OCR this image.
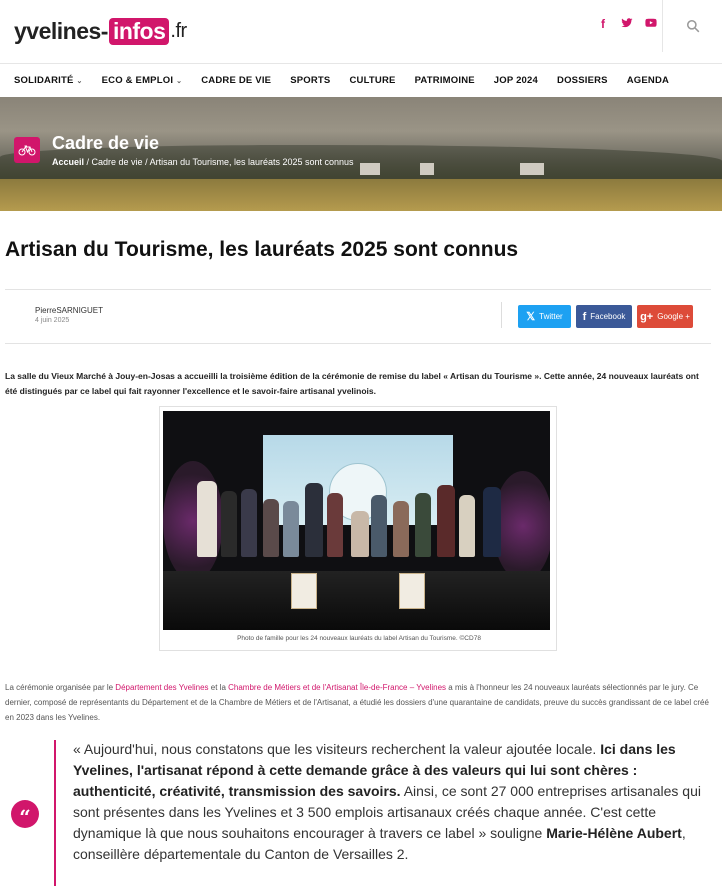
yvelines- infos .fr	f
SOLIDARITÉ ⌄ ECO & EMPLOI ⌄ CADRE DE VIE SPORTS CULTURE PATRIMOINE JOP 2024 DOSSIERS AGENDA
Cadre de vie
Accueil / Cadre de vie / Artisan du Tourisme, les lauréats 2025 sont connus
Artisan du Tourisme, les lauréats 2025 sont connus
PierreSARNIGUET
4 juin 2025	𝕏 Twitter f Facebook g+ Google +

La salle du Vieux Marché à Jouy-en-Josas a accueilli la troisième édition de la cérémonie de remise du label « Artisan du Tourisme ». Cette année, 24 nouveaux lauréats ont été distingués par ce label qui fait rayonner l'excellence et le savoir-faire artisanal yvelinois.

Photo de famille pour les 24 nouveaux lauréats du label Artisan du Tourisme. ©CD78

La cérémonie organisée par le Département des Yvelines et la Chambre de Métiers et de l'Artisanat Île-de-France – Yvelines a mis à l'honneur les 24 nouveaux lauréats sélectionnés par le jury. Ce dernier, composé de représentants du Département et de la Chambre de Métiers et de l'Artisanat, a étudié les dossiers d'une quarantaine de candidats, preuve du succès grandissant de ce label créé en 2023 dans les Yvelines.

“

« Aujourd'hui, nous constatons que les visiteurs recherchent la valeur ajoutée locale. Ici dans les Yvelines, l'artisanat répond à cette demande grâce à des valeurs qui lui sont chères : authenticité, créativité, transmission des savoirs. Ainsi, ce sont 27 000 entreprises artisanales qui sont présentes dans les Yvelines et 3 500 emplois artisanaux créés chaque année. C'est cette dynamique là que nous souhaitons encourager à travers ce label » souligne Marie-Hélène Aubert, conseillère départementale du Canton de Versailles 2.
